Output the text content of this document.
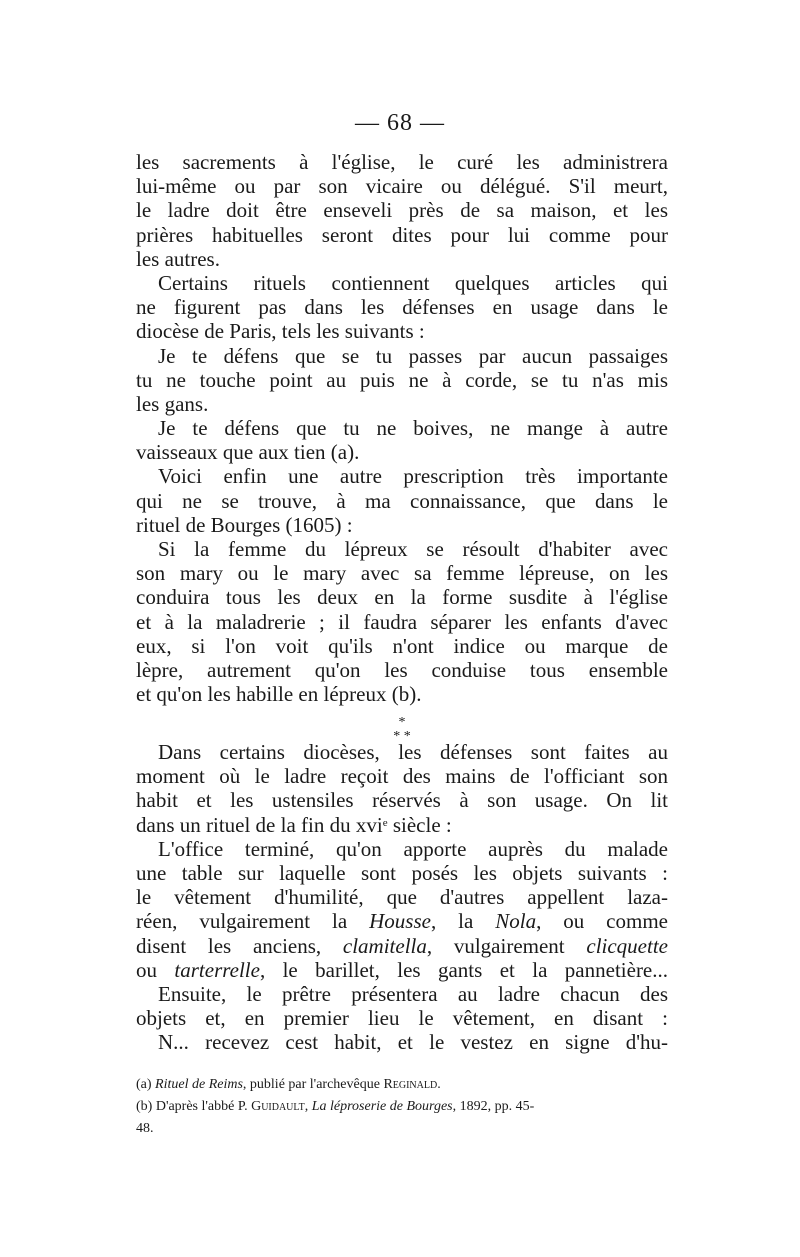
— 68 —
les sacrements à l'église, le curé les administrera
lui-même ou par son vicaire ou délégué. S'il meurt,
le ladre doit être enseveli près de sa maison, et les
prières habituelles seront dites pour lui comme pour
les autres.
Certains rituels contiennent quelques articles qui
ne figurent pas dans les défenses en usage dans le
diocèse de Paris, tels les suivants :
Je te défens que se tu passes par aucun passaiges
tu ne touche point au puis ne à corde, se tu n'as mis
les gans.
Je te défens que tu ne boives, ne mange à autre
vaisseaux que aux tien (a).
Voici enfin une autre prescription très importante
qui ne se trouve, à ma connaissance, que dans le
rituel de Bourges (1605) :
Si la femme du lépreux se résoult d'habiter avec
son mary ou le mary avec sa femme lépreuse, on les
conduira tous les deux en la forme susdite à l'église
et à la maladrerie ; il faudra séparer les enfants d'avec
eux, si l'on voit qu'ils n'ont indice ou marque de
lèpre, autrement qu'on les conduise tous ensemble
et qu'on les habille en lépreux (b).
*
* *
Dans certains diocèses, les défenses sont faites au
moment où le ladre reçoit des mains de l'officiant son
habit et les ustensiles réservés à son usage. On lit
dans un rituel de la fin du xvi$^e$ siècle :
L'office terminé, qu'on apporte auprès du malade
une table sur laquelle sont posés les objets suivants :
le vêtement d'humilité, que d'autres appellent laza-
réen, vulgairement la Housse, la Nola, ou comme
disent les anciens, clamitella, vulgairement clicquette
ou tarterrelle, le barillet, les gants et la pannetière...
Ensuite, le prêtre présentera au ladre chacun des
objets et, en premier lieu le vêtement, en disant :
N... recevez cest habit, et le vestez en signe d'hu-
(a) Rituel de Reims, publié par l'archevêque Reginald.
(b) D'après l'abbé P. Guidault, La léproserie de Bourges, 1892, pp. 45-
48.
